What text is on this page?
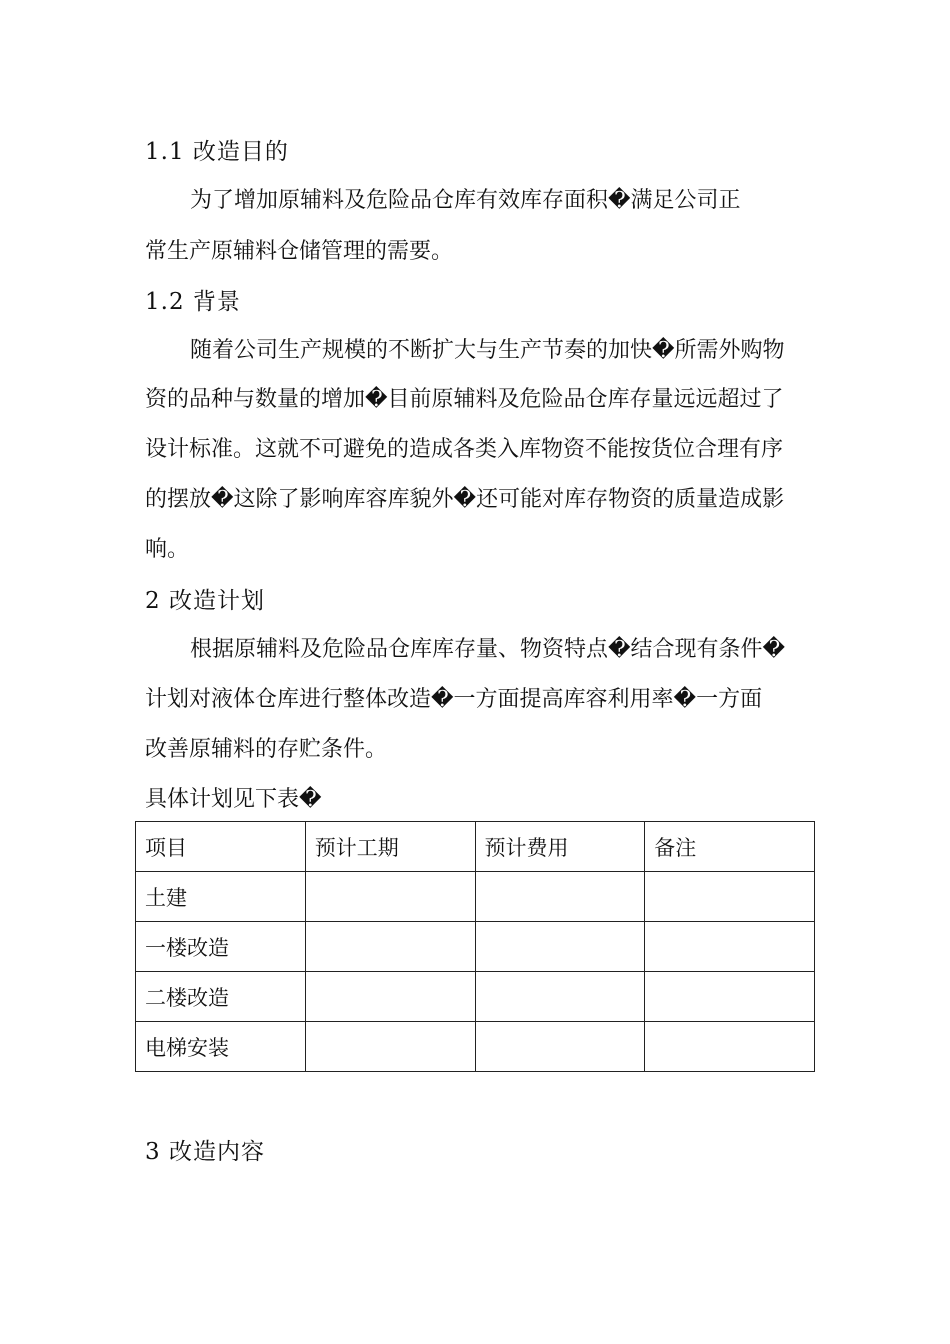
1.1 改造目的
为了增加原辅料及危险品仓库有效库存面积�满足公司正
常生产原辅料仓储管理的需要。
1.2 背景
随着公司生产规模的不断扩大与生产节奏的加快�所需外购物
资的品种与数量的增加�目前原辅料及危险品仓库存量远远超过了
设计标准。这就不可避免的造成各类入库物资不能按货位合理有序
的摆放�这除了影响库容库貌外�还可能对库存物资的质量造成影
响。
2 改造计划
根据原辅料及危险品仓库库存量、物资特点�结合现有条件�
计划对液体仓库进行整体改造�一方面提高库容利用率�一方面
改善原辅料的存贮条件。
具体计划见下表�
项目	预计工期	预计费用	备注
土建			
一楼改造			
二楼改造			
电梯安装			
3 改造内容
